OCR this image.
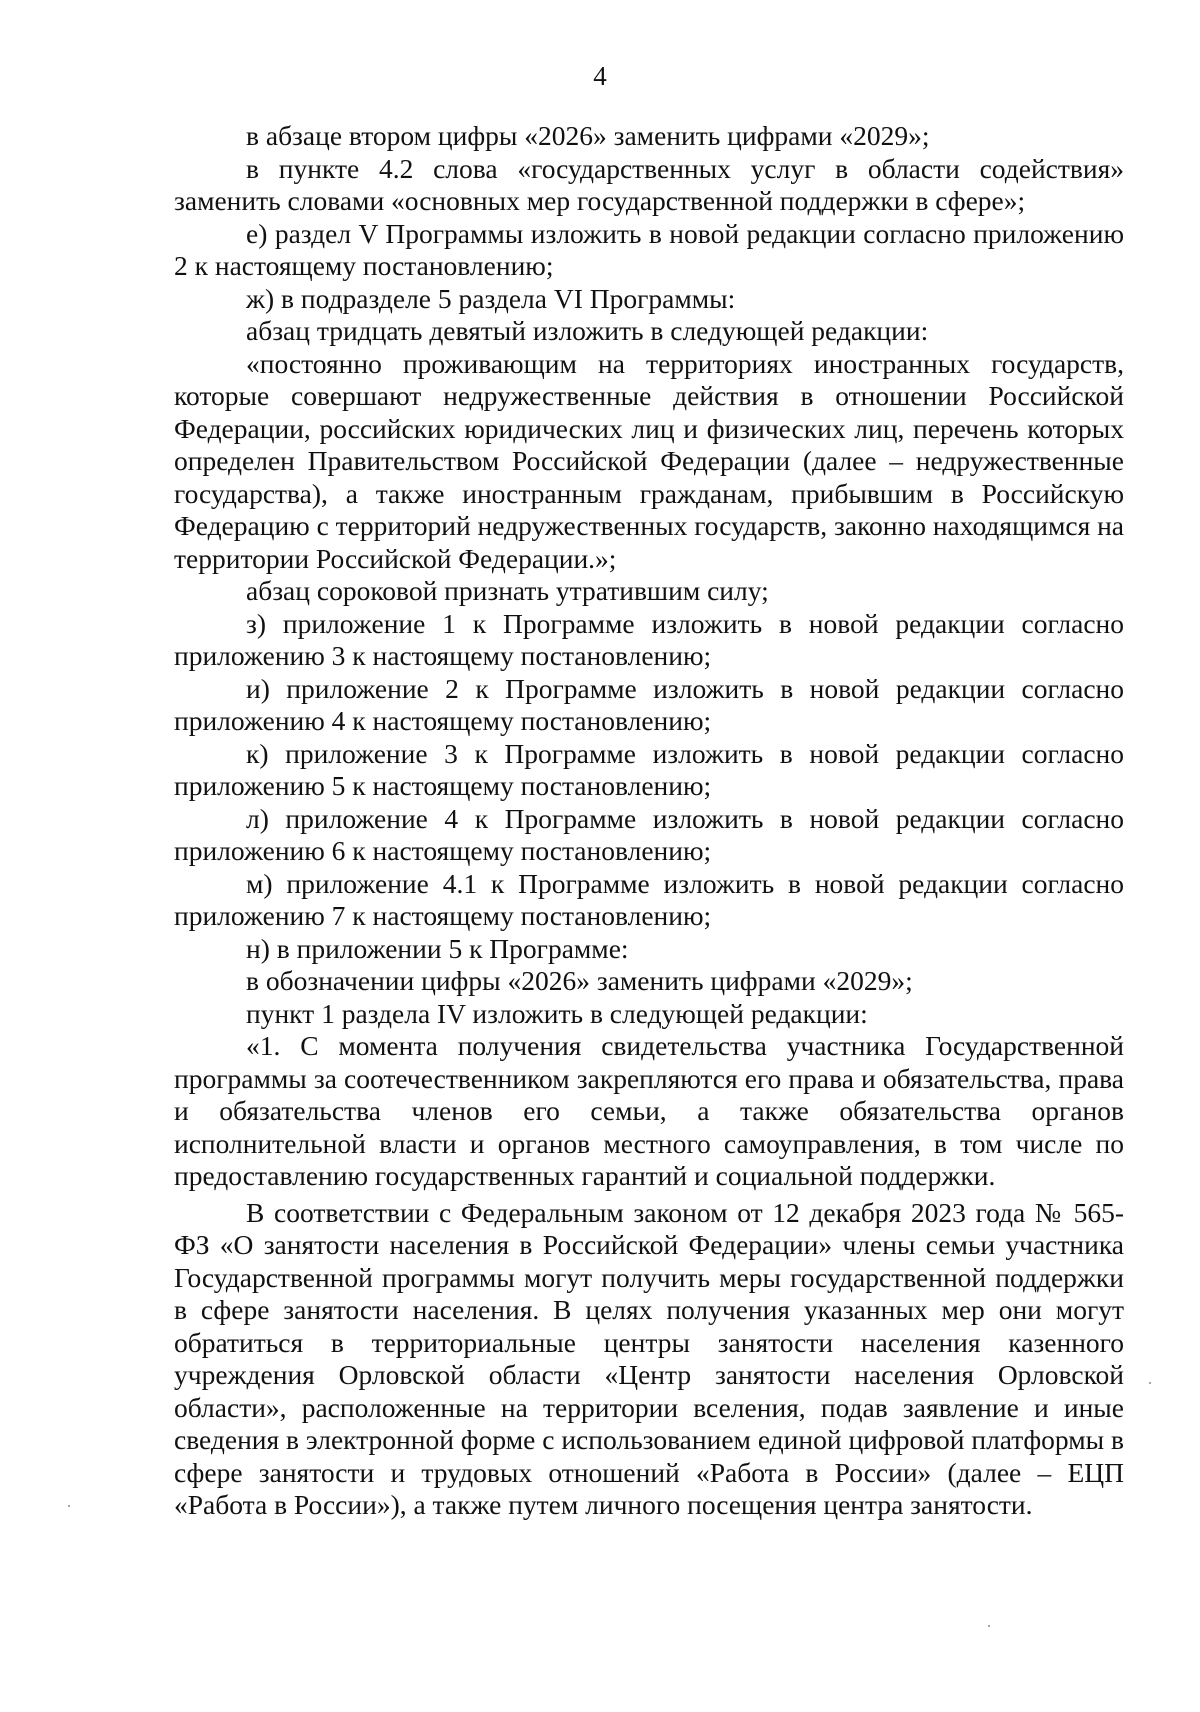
4

в абзаце втором цифры «2026» заменить цифрами «2029»;

в пункте 4.2 слова «государственных услуг в области содействия» заменить словами «основных мер государственной поддержки в сфере»;

е) раздел V Программы изложить в новой редакции согласно приложению 2 к настоящему постановлению;

ж) в подразделе 5 раздела VI Программы:

абзац тридцать девятый изложить в следующей редакции:

«постоянно проживающим на территориях иностранных государств, которые совершают недружественные действия в отношении Российской Федерации, российских юридических лиц и физических лиц, перечень которых определен Правительством Российской Федерации (далее – недружественные государства), а также иностранным гражданам, прибывшим в Российскую Федерацию с территорий недружественных государств, законно находящимся на территории Российской Федерации.»;

абзац сороковой признать утратившим силу;

з) приложение 1 к Программе изложить в новой редакции согласно приложению 3 к настоящему постановлению;

и) приложение 2 к Программе изложить в новой редакции согласно приложению 4 к настоящему постановлению;

к) приложение 3 к Программе изложить в новой редакции согласно приложению 5 к настоящему постановлению;

л) приложение 4 к Программе изложить в новой редакции согласно приложению 6 к настоящему постановлению;

м) приложение 4.1 к Программе изложить в новой редакции согласно приложению 7 к настоящему постановлению;

н) в приложении 5 к Программе:

в обозначении цифры «2026» заменить цифрами «2029»;

пункт 1 раздела IV изложить в следующей редакции:

«1. С момента получения свидетельства участника Государственной программы за соотечественником закрепляются его права и обязательства, права и обязательства членов его семьи, а также обязательства органов исполнительной власти и органов местного самоуправления, в том числе по предоставлению государственных гарантий и социальной поддержки.

В соответствии с Федеральным законом от 12 декабря 2023 года № 565-ФЗ «О занятости населения в Российской Федерации» члены семьи участника Государственной программы могут получить меры государственной поддержки в сфере занятости населения. В целях получения указанных мер они могут обратиться в территориальные центры занятости населения казенного учреждения Орловской области «Центр занятости населения Орловской области», расположенные на территории вселения, подав заявление и иные сведения в электронной форме с использованием единой цифровой платформы в сфере занятости и трудовых отношений «Работа в России» (далее – ЕЦП «Работа в России»), а также путем личного посещения центра занятости.
